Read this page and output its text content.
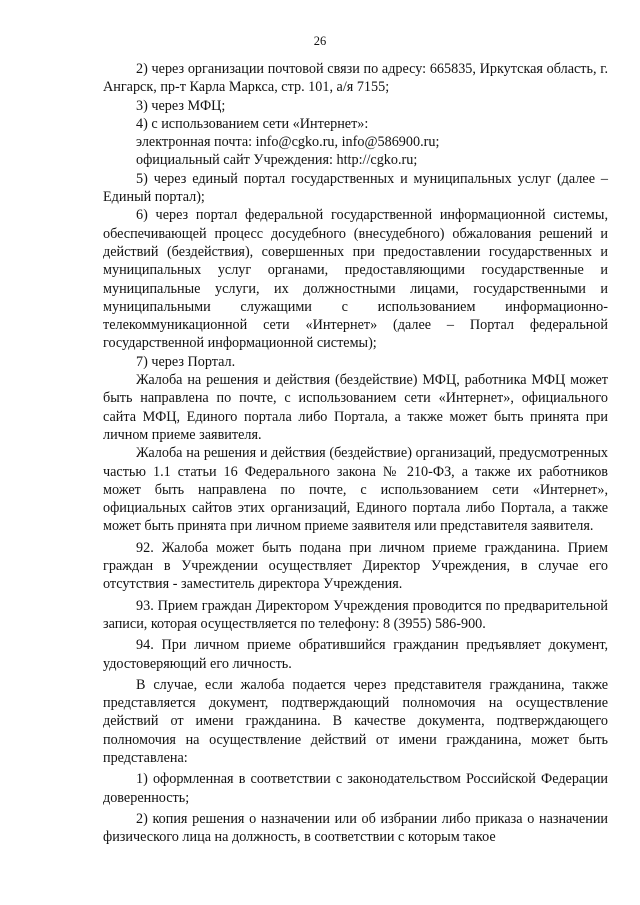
26

2) через организации почтовой связи по адресу: 665835, Иркутская область, г. Ангарск, пр-т Карла Маркса, стр. 101, а/я 7155;

3) через МФЦ;

4) с использованием сети «Интернет»:

электронная почта: info@cgko.ru, info@586900.ru;

официальный сайт Учреждения: http://cgko.ru;

5) через единый портал государственных и муниципальных услуг (далее – Единый портал);

6) через портал федеральной государственной информационной системы, обеспечивающей процесс досудебного (внесудебного) обжалования решений и действий (бездействия), совершенных при предоставлении государственных и муниципальных услуг органами, предоставляющими государственные и муниципальные услуги, их должностными лицами, государственными и муниципальными служащими с использованием информационно-телекоммуникационной сети «Интернет» (далее – Портал федеральной государственной информационной системы);

7) через Портал.

Жалоба на решения и действия (бездействие) МФЦ, работника МФЦ может быть направлена по почте, с использованием сети «Интернет», официального сайта МФЦ, Единого портала либо Портала, а также может быть принята при личном приеме заявителя.

Жалоба на решения и действия (бездействие) организаций, предусмотренных частью 1.1 статьи 16 Федерального закона № 210-ФЗ, а также их работников может быть направлена по почте, с использованием сети «Интернет», официальных сайтов этих организаций, Единого портала либо Портала, а также может быть принята при личном приеме заявителя или представителя заявителя.

92. Жалоба может быть подана при личном приеме гражданина. Прием граждан в Учреждении осуществляет Директор Учреждения, в случае его отсутствия - заместитель директора Учреждения.

93. Прием граждан Директором Учреждения проводится по предварительной записи, которая осуществляется по телефону: 8 (3955) 586-900.

94. При личном приеме обратившийся гражданин предъявляет документ, удостоверяющий его личность.

В случае, если жалоба подается через представителя гражданина, также представляется документ, подтверждающий полномочия на осуществление действий от имени гражданина. В качестве документа, подтверждающего полномочия на осуществление действий от имени гражданина, может быть представлена:

1) оформленная в соответствии с законодательством Российской Федерации доверенность;

2) копия решения о назначении или об избрании либо приказа о назначении физического лица на должность, в соответствии с которым такое
